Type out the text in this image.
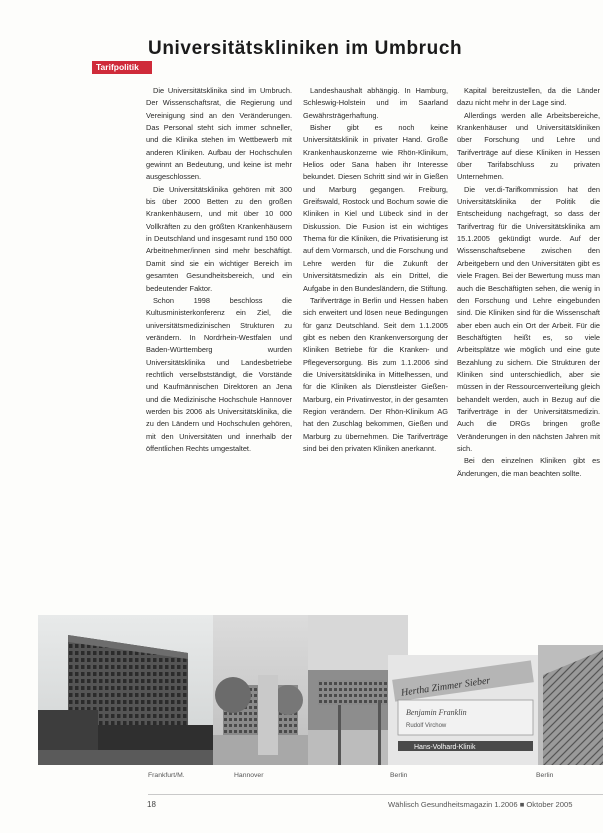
Universitätskliniken im Umbruch
Tarifpolitik

Die Universitätsklinika sind im Umbruch. Der Wissenschaftsrat, die Regierung und Vereinigung sind an den Veränderungen. Das Personal steht sich immer schneller, und die Klinika stehen im Wettbewerb mit anderen Kliniken. Aufbau der Hochschulen gewinnt an Bedeutung, und keine ist mehr ausgeschlossen.

Die Universitätsklinika gehören mit 300 bis über 2000 Betten zu den großen Krankenhäusern, und mit über 10 000 Vollkräften zu den größten Krankenhäusern in Deutschland und insgesamt rund 150 000 Arbeitnehmer/innen sind mehr beschäftigt. Damit sind sie ein wichtiger Bereich im gesamten Gesundheitsbereich, und ein bedeutender Faktor.

Schon 1998 beschloss die Kultusministerkonferenz ein Ziel, die universitätsmedizinischen Strukturen zu verändern. In Nordrhein-Westfalen und Baden-Württemberg wurden Universitätsklinika und Landesbetriebe rechtlich verselbstständigt, die Vorstände und Kaufmännischen Direktoren an Jena und die Medizinische Hochschule Hannover werden bis 2006 als Universitätsklinika, die zu den Ländern und Hochschulen gehören, mit den Universitäten und innerhalb der öffentlichen Rechts umgestaltet.

Landeshaushalt abhängig. In Hamburg, Schleswig-Holstein und im Saarland Gewährsträgerhaftung.

Bisher gibt es noch keine Universitätsklinik in privater Hand. Große Krankenhauskonzerne wie Rhön-Klinikum, Helios oder Sana haben ihr Interesse bekundet. Diesen Schritt sind wir in Gießen und Marburg gegangen. Freiburg, Greifswald, Rostock und Bochum sowie die Kliniken in Kiel und Lübeck sind in der Diskussion. Die Fusion ist ein wichtiges Thema für die Kliniken, die Privatisierung ist auf dem Vormarsch, und die Forschung und Lehre werden für die Zukunft der Universitätsmedizin als ein Drittel, die Aufgabe in den Bundesländern, die Stiftung.

Tarifverträge in Berlin und Hessen haben sich erweitert und lösen neue Bedingungen für ganz Deutschland. Seit dem 1.1.2005 gibt es neben den Krankenversorgung der Kliniken Betriebe für die Kranken- und Pflegeversorgung. Bis zum 1.1.2006 sind die Universitätsklinika in Mittelhessen, und für die Kliniken als Dienstleister Gießen-Marburg, ein Privatinvestor, in der gesamten Region verändern. Der Rhön-Klinikum AG hat den Zuschlag bekommen, Gießen und Marburg zu übernehmen. Die Tarifverträge sind bei den privaten Kliniken anerkannt.

Kapital bereitzustellen, da die Länder dazu nicht mehr in der Lage sind.

Allerdings werden alle Arbeitsbereiche, Krankenhäuser und Universitätskliniken über Forschung und Lehre und Tarifverträge auf diese Kliniken in Hessen über Tarifabschluss zu privaten Unternehmen.

Die ver.di-Tarifkommission hat den Universitätsklinika der Politik die Entscheidung nachgefragt, so dass der Tarifvertrag für die Universitätsklinika am 15.1.2005 gekündigt wurde. Auf der Wissenschaftsebene zwischen den Arbeitgebern und den Universitäten gibt es viele Fragen. Bei der Bewertung muss man auch die Beschäftigten sehen, die wenig in den Forschung und Lehre eingebunden sind. Die Kliniken sind für die Wissenschaft aber eben auch ein Ort der Arbeit. Für die Beschäftigten heißt es, so viele Arbeitsplätze wie möglich und eine gute Bezahlung zu sichern. Die Strukturen der Kliniken sind unterschiedlich, aber sie müssen in der Ressourcenverteilung gleich behandelt werden, auch in Bezug auf die Tarifverträge in der Universitätsmedizin. Auch die DRGs bringen große Veränderungen in den nächsten Jahren mit sich.

Bei den einzelnen Kliniken gibt es Änderungen, die man beachten sollte.

Hertha Zimmer Sieber
Benjamin Franklin
Rudolf Virchow
Hans-Volhard-Klinik
Frankfurt/M.	Hannover	Berlin	Berlin
18	Wählisch Gesundheitsmagazin 1.2006 ■ Oktober 2005
